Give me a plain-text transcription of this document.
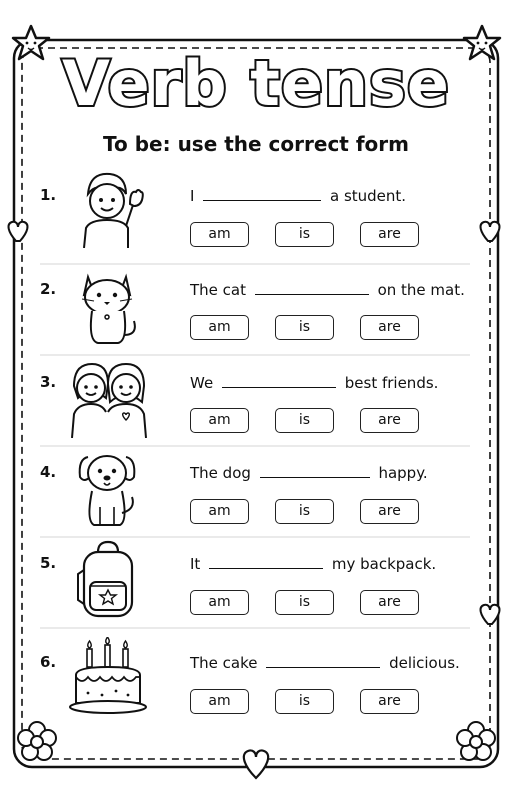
Verb tense
To be: use the correct form
1.	I	a student.
am	is	are
2.	The cat	on the mat.
am	is	are
3.	We	best friends.
am	is	are
4.	The dog	happy.
am	is	are
5.	It	my backpack.
am	is	are
6.	The cake	delicious.
am	is	are
